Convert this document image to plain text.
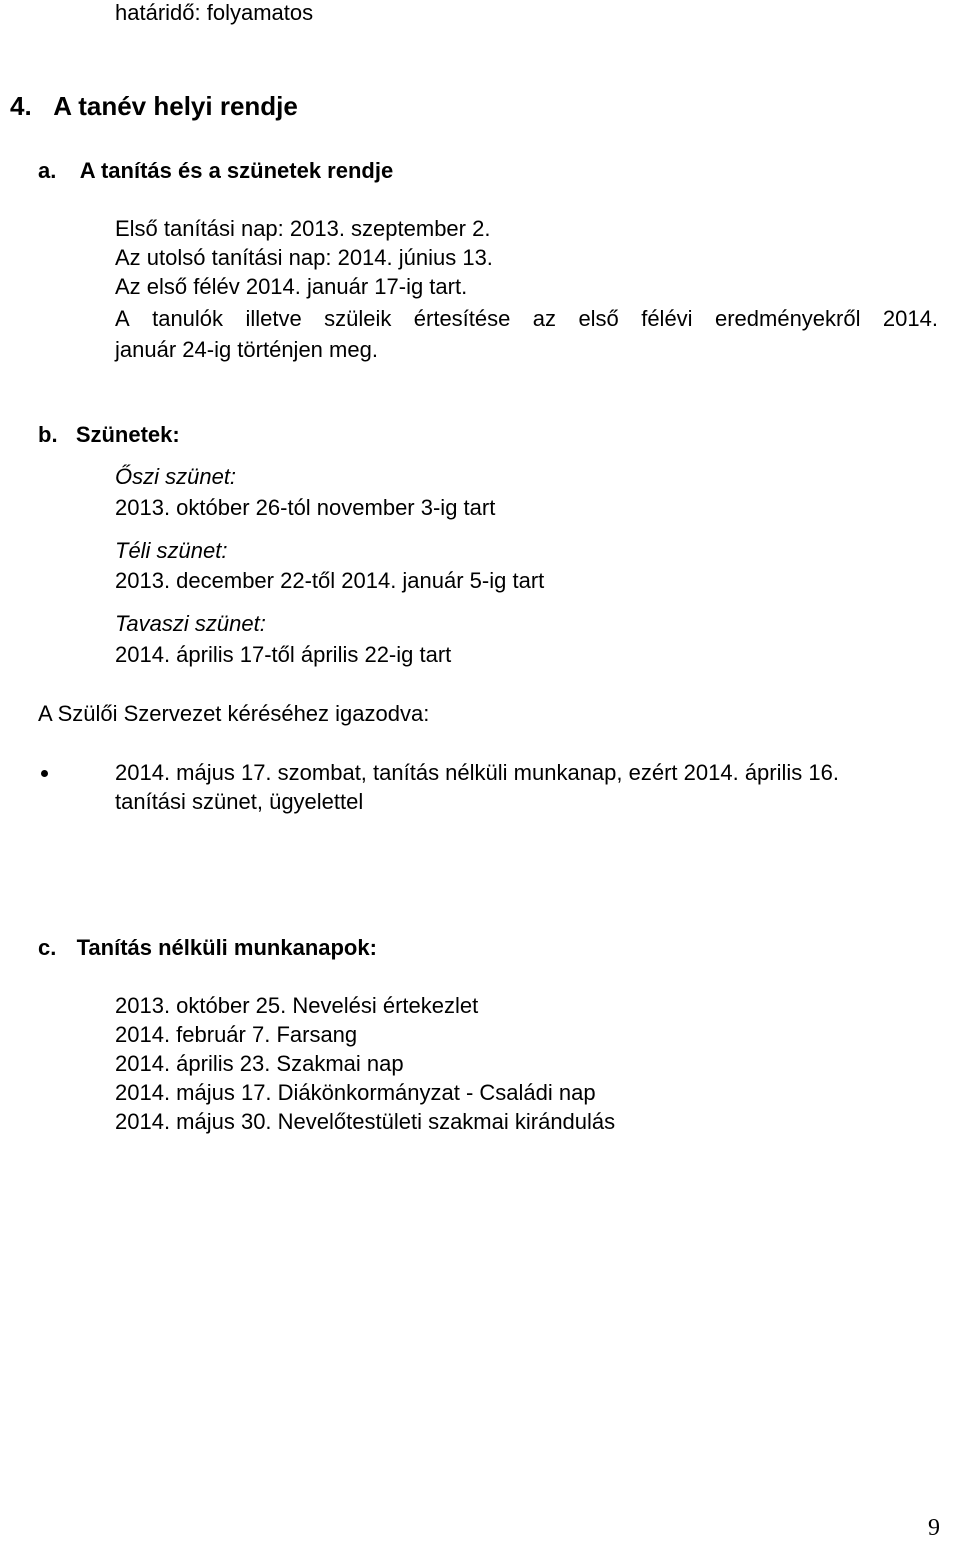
határidő: folyamatos
4. A tanév helyi rendje
a. A tanítás és a szünetek rendje
Első tanítási nap: 2013. szeptember 2.
Az utolsó tanítási nap: 2014. június 13.
Az első félév 2014. január 17-ig tart.
A tanulók illetve szüleik értesítése az első félévi eredményekről 2014.
január 24-ig történjen meg.
b. Szünetek:
Őszi szünet:
2013. október 26-tól november 3-ig tart
Téli szünet:
2013. december 22-től 2014. január 5-ig tart
Tavaszi szünet:
2014. április 17-től április 22-ig tart
A Szülői Szervezet kéréséhez igazodva:
2014. május 17. szombat, tanítás nélküli munkanap, ezért 2014. április 16.
tanítási szünet, ügyelettel
c. Tanítás nélküli munkanapok:
2013. október 25. Nevelési értekezlet
2014. február 7. Farsang
2014. április 23. Szakmai nap
2014. május 17. Diákönkormányzat - Családi nap
2014. május 30. Nevelőtestületi szakmai kirándulás
9
